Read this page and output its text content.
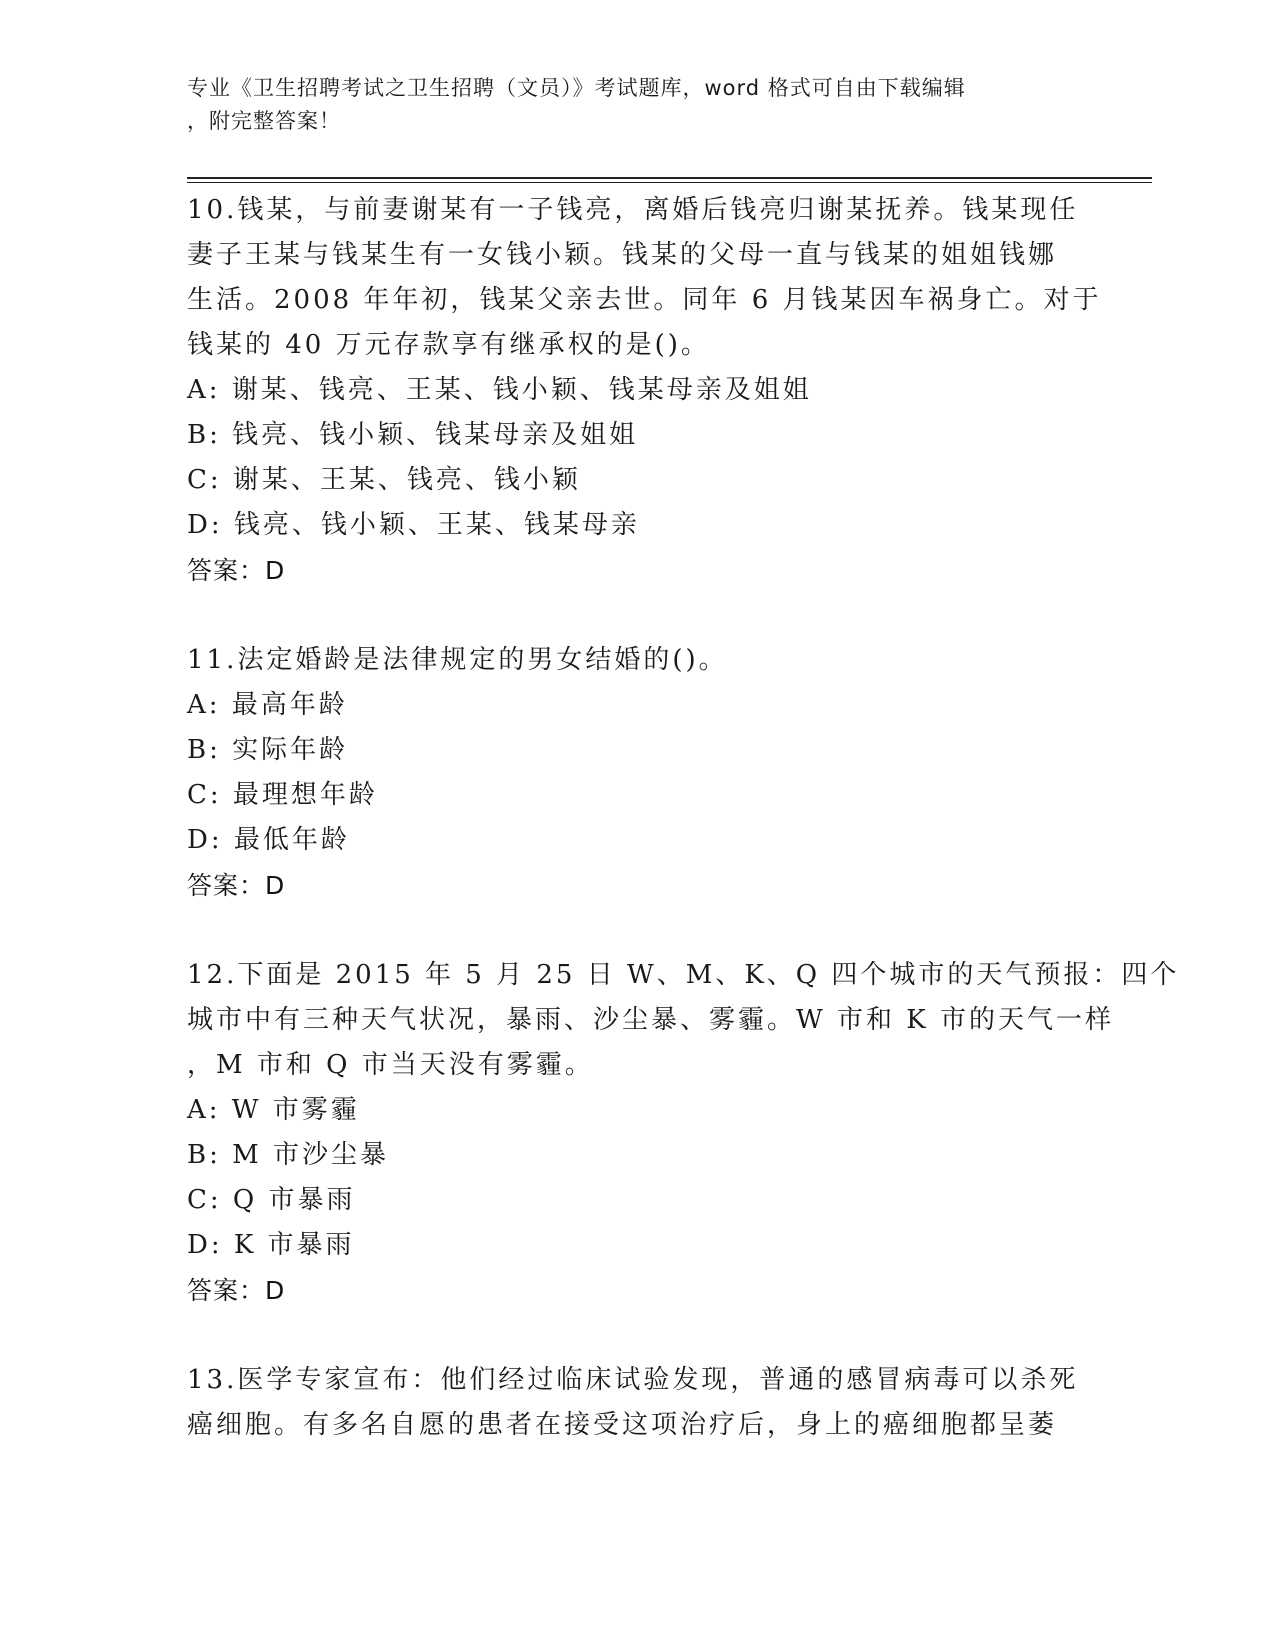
专业《卫生招聘考试之卫生招聘（文员）》考试题库，word 格式可自由下载编辑
，附完整答案！
10.钱某，与前妻谢某有一子钱亮，离婚后钱亮归谢某抚养。钱某现任
妻子王某与钱某生有一女钱小颖。钱某的父母一直与钱某的姐姐钱娜
生活。2008 年年初，钱某父亲去世。同年 6 月钱某因车祸身亡。对于
钱某的 40 万元存款享有继承权的是()。
A: 谢某、钱亮、王某、钱小颖、钱某母亲及姐姐
B: 钱亮、钱小颖、钱某母亲及姐姐
C: 谢某、王某、钱亮、钱小颖
D: 钱亮、钱小颖、王某、钱某母亲
答案：D
11.法定婚龄是法律规定的男女结婚的()。
A: 最高年龄
B: 实际年龄
C: 最理想年龄
D: 最低年龄
答案：D
12.下面是 2015 年 5 月 25 日 W、M、K、Q 四个城市的天气预报：四个
城市中有三种天气状况，暴雨、沙尘暴、雾霾。W 市和 K 市的天气一样
，M 市和 Q 市当天没有雾霾。
A: W 市雾霾
B: M 市沙尘暴
C: Q 市暴雨
D: K 市暴雨
答案：D
13.医学专家宣布：他们经过临床试验发现，普通的感冒病毒可以杀死
癌细胞。有多名自愿的患者在接受这项治疗后，身上的癌细胞都呈萎
